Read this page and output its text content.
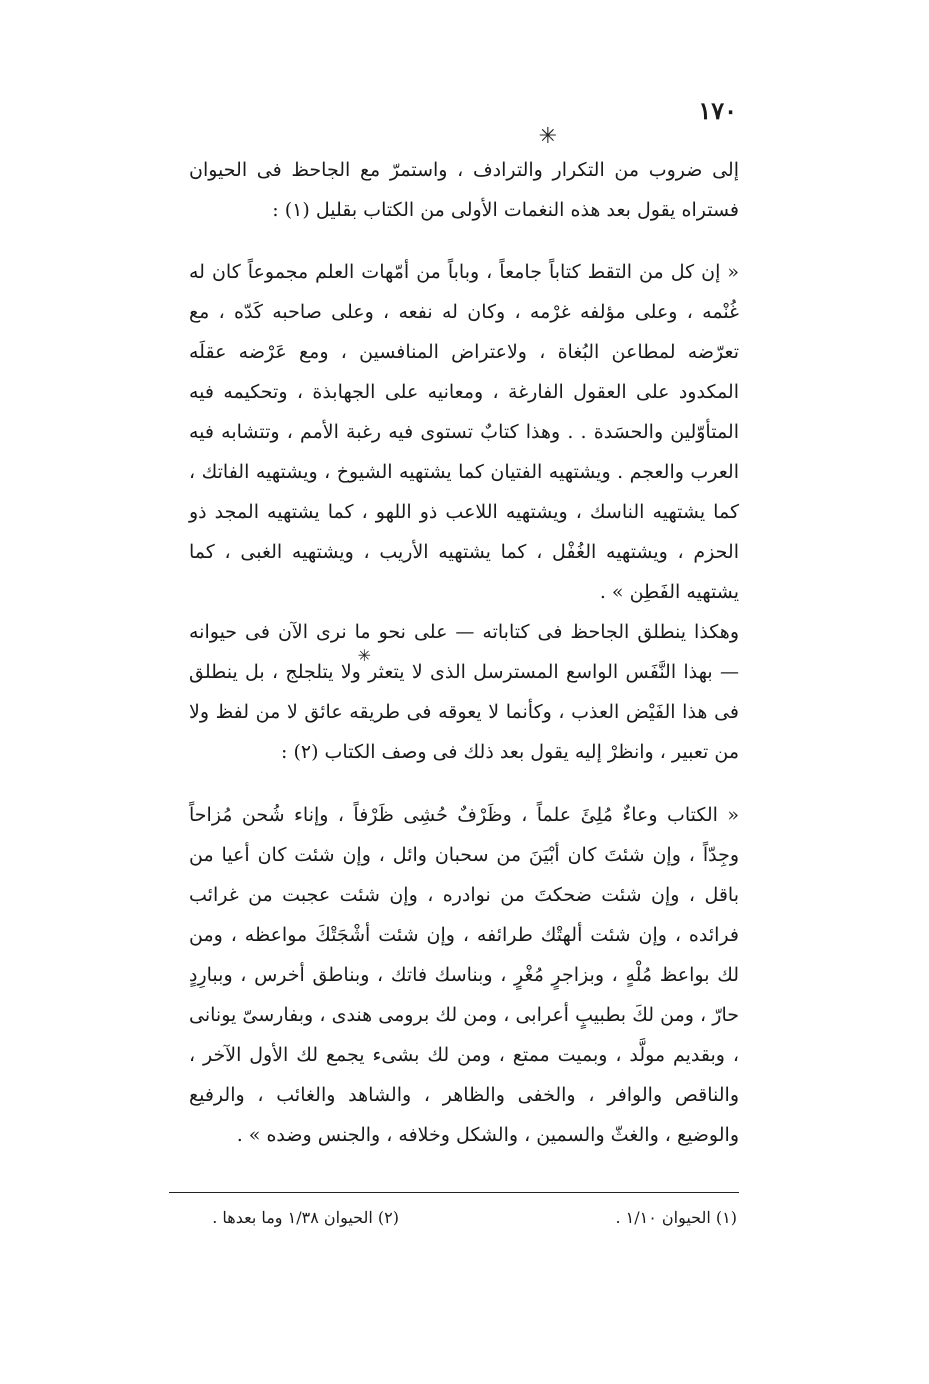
١٧٠
✳
✳

إلى ضروب من التكرار والترادف ، واستمرّ مع الجاحظ فى الحيوان فستراه يقول بعد هذه النغمات الأولى من الكتاب بقليل (١) :

« إن كل من التقط كتاباً جامعاً ، وباباً من أمّهات العلم مجموعاً كان له غُنْمه ، وعلى مؤلفه غرْمه ، وكان له نفعه ، وعلى صاحبه كَدّه ، مع تعرّضه لمطاعن البُغاة ، ولاعتراض المنافسين ، ومع عَرْضه عقلَه المكدود على العقول الفارغة ، ومعانيه على الجهابذة ، وتحكيمه فيه المتأوّلين والحسَدة . . وهذا كتابٌ تستوى فيه رغبة الأمم ، وتتشابه فيه العرب والعجم . ويشتهيه الفتيان كما يشتهيه الشيوخ ، ويشتهيه الفاتك ، كما يشتهيه الناسك ، ويشتهيه اللاعب ذو اللهو ، كما يشتهيه المجد ذو الحزم ، ويشتهيه الغُفْل ، كما يشتهيه الأريب ، ويشتهيه الغبى ، كما يشتهيه الفَطِن » .

وهكذا ينطلق الجاحظ فى كتاباته — على نحو ما نرى الآن فى حيوانه — بهذا النَّفَس الواسع المسترسل الذى لا يتعثر ولا يتلجلج ، بل ينطلق فى هذا الفَيْض العذب ، وكأنما لا يعوقه فى طريقه عائق لا من لفظ ولا من تعبير ، وانظرْ إليه يقول بعد ذلك فى وصف الكتاب (٢) :

« الكتاب وعاءٌ مُلِئَ علماً ، وظَرْفٌ حُشِى ظَرْفاً ، وإناء شُحن مُزاحاً وجِدّاً ، وإن شئتَ كان أبْيَنَ من سحبان وائل ، وإن شئت كان أعيا من باقل ، وإن شئت ضحكتَ من نوادره ، وإن شئت عجبت من غرائب فرائده ، وإن شئت ألهتْك طرائفه ، وإن شئت أشْجَتْكَ مواعظه ، ومن لك بواعظ مُلْهٍ ، وبزاجرٍ مُغْرٍ ، وبناسك فاتك ، وبناطق أخرس ، وببارِدٍ حارّ ، ومن لكَ بطبيبٍ أعرابى ، ومن لك برومى هندى ، وبفارسىّ يونانى ، وبقديم مولَّد ، وبميت ممتع ، ومن لك بشىء يجمع لك الأول الآخر ، والناقص والوافر ، والخفى والظاهر ، والشاهد والغائب ، والرفيع والوضيع ، والغثّ والسمين ، والشكل وخلافه ، والجنس وضده » .

(١) الحيوان ١/١٠ .
(٢) الحيوان ١/٣٨ وما بعدها .
